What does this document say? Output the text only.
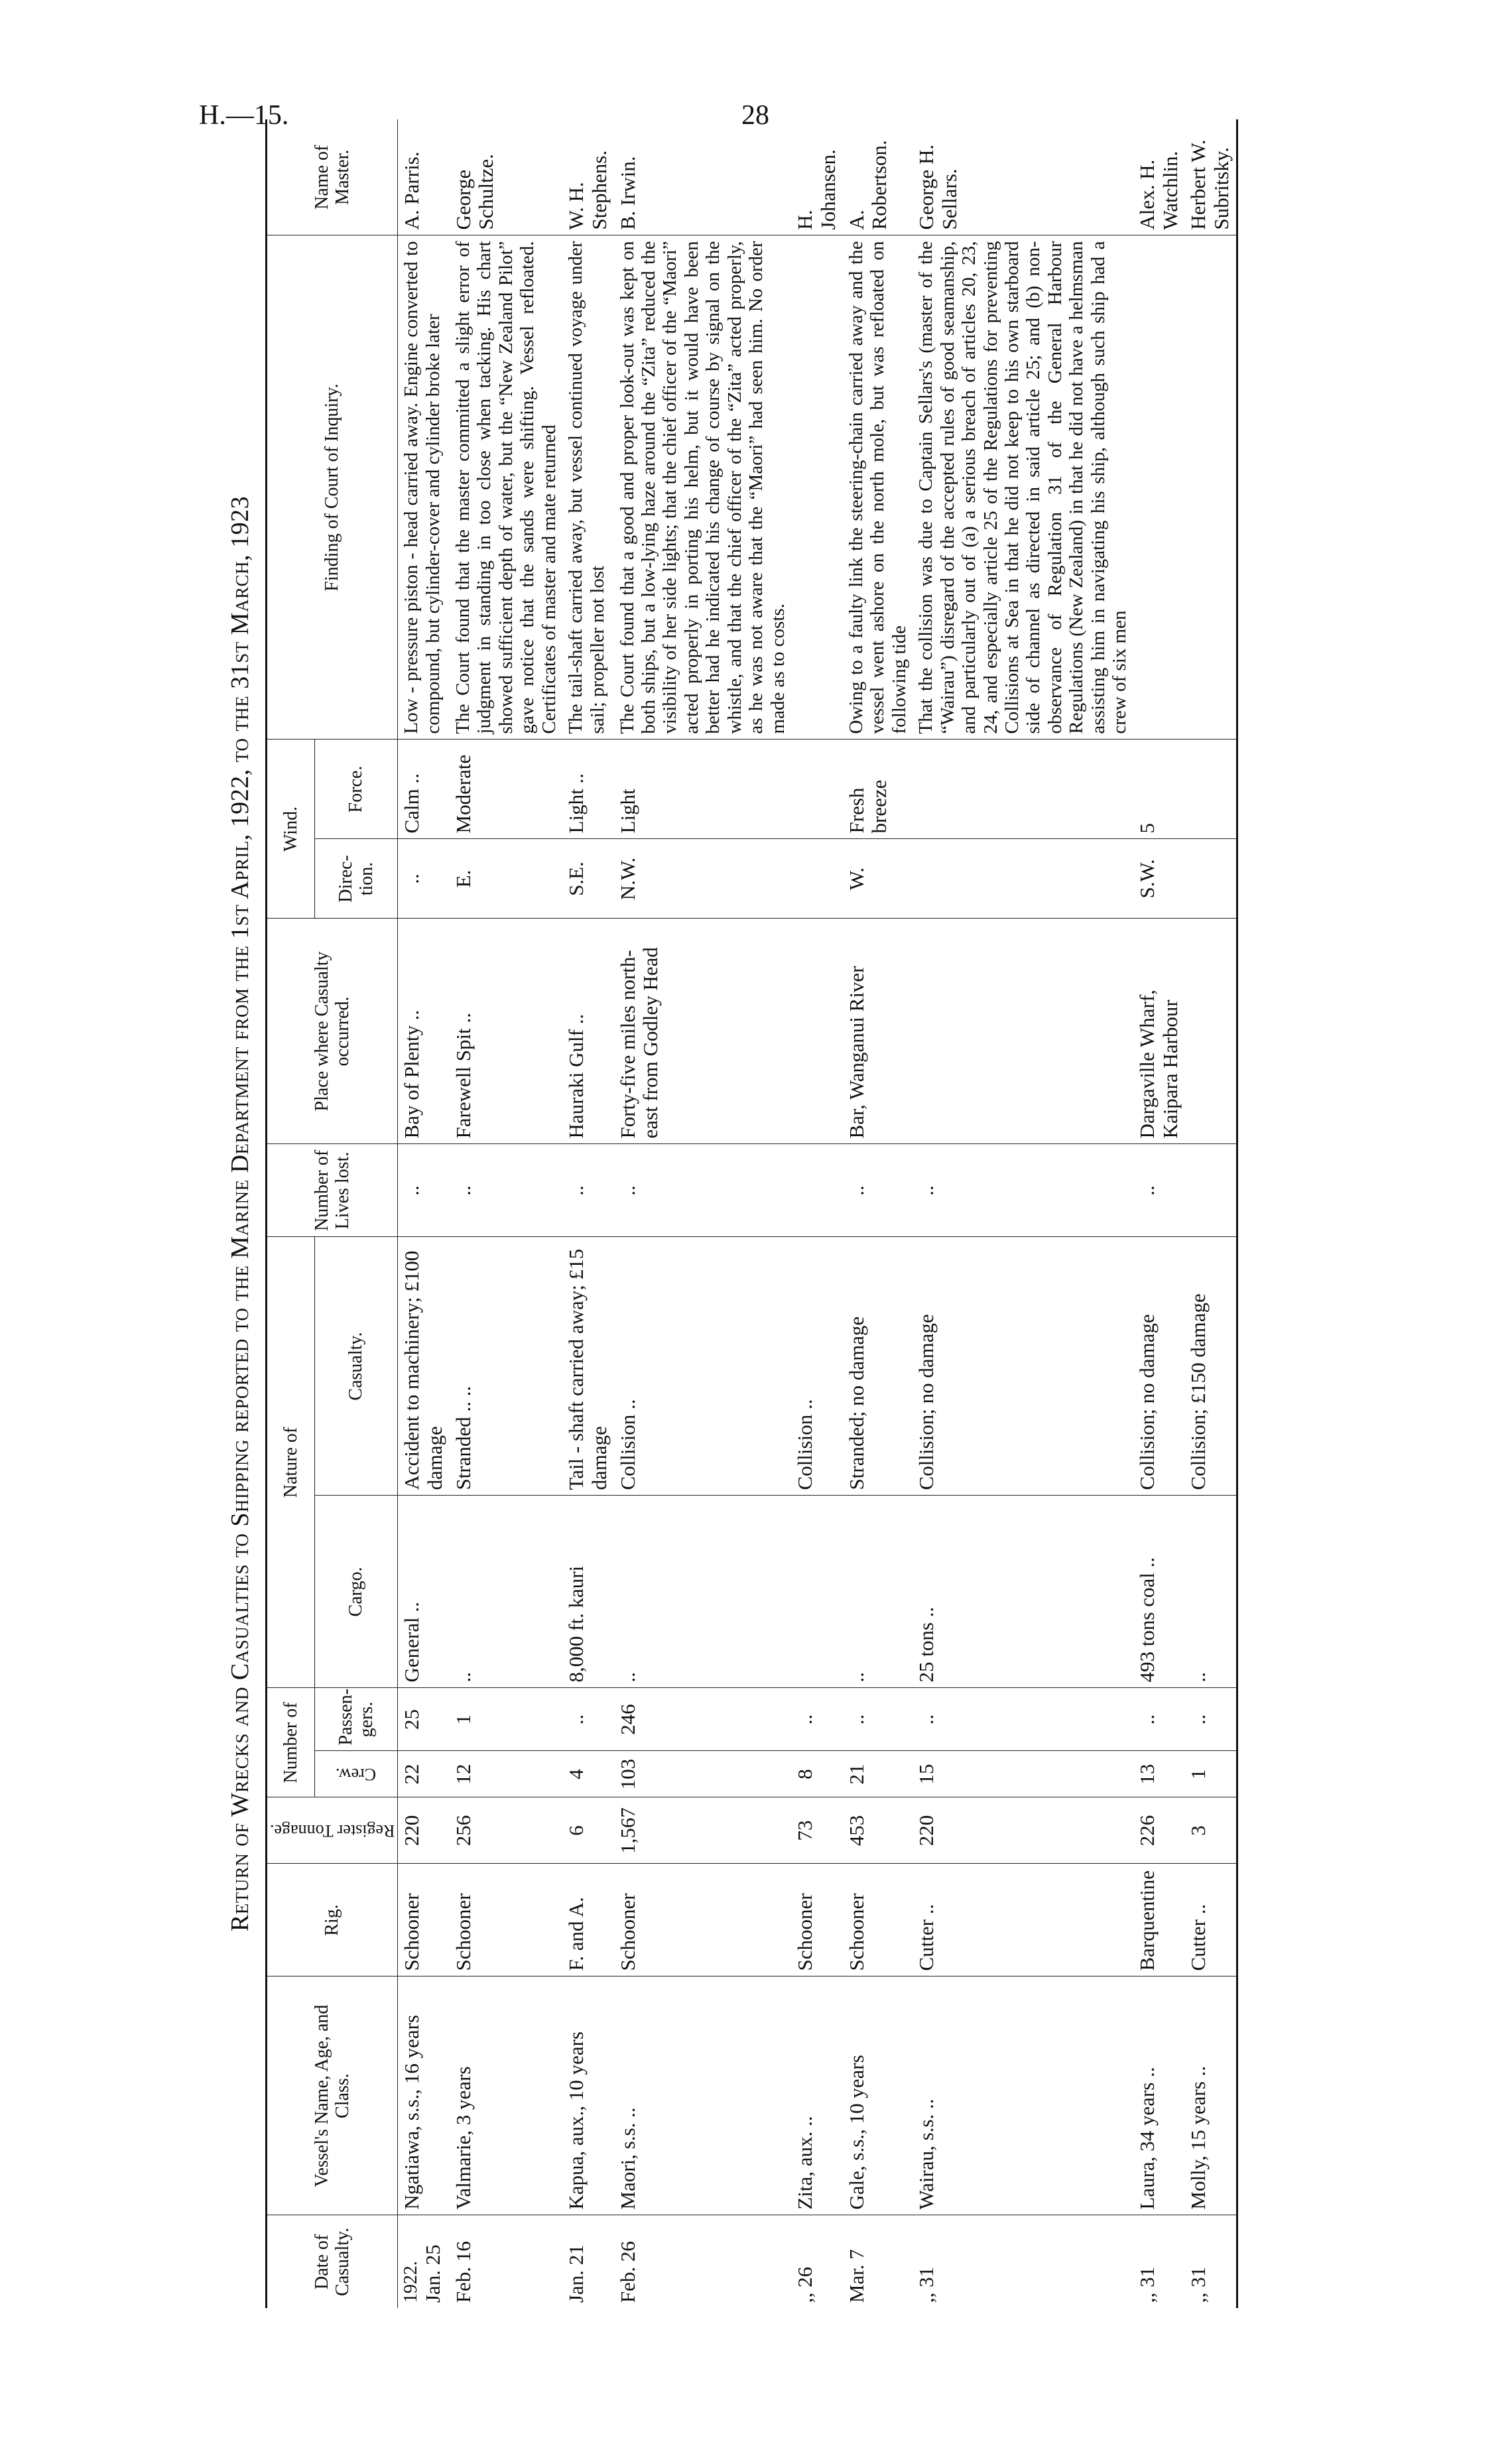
H.—15.	28
Return of Wrecks and Casualties to Shipping reported to the Marine Department from the 1st April, 1922, to the 31st March, 1923
Date of Casualty.	Vessel's Name, Age, and Class.	Rig.	Register Tonnage.	Number of		Nature of		Number of Lives lost.	Place where Casualty occurred.	Wind.		Finding of Court of Inquiry.	Name of Master.

				Crew.	Passen-gers.	Cargo.	Casualty.			Direc-tion.	Force.		

1922. Jan. 25	Ngatiawa, s.s., 16 years	Schooner	220	22	25	General ..	Accident to machinery; £100 damage	..	Bay of Plenty ..	..	Calm ..	Low - pressure piston - head carried away. Engine converted to compound, but cylinder-cover and cylinder broke later	A. Parris.

Feb. 16	Valmarie, 3 years	Schooner	256	12	1	..	Stranded .. ..	..	Farewell Spit ..	E.	Moderate	The Court found that the master committed a slight error of judgment in standing in too close when tacking. His chart showed sufficient depth of water, but the “New Zealand Pilot” gave notice that the sands were shifting. Vessel refloated. Certificates of master and mate returned	George Schultze.

Jan. 21	Kapua, aux., 10 years	F. and A.	6	4	..	8,000 ft. kauri	Tail - shaft carried away; £15 damage	..	Hauraki Gulf ..	S.E.	Light ..	The tail-shaft carried away, but vessel continued voyage under sail; propeller not lost	W. H. Stephens.

Feb. 26	Maori, s.s. ..	Schooner	1,567	103	246	..	Collision ..	..	Forty-five miles north-east from Godley Head	N.W.	Light	The Court found that a good and proper look-out was kept on both ships, but a low-lying haze around the “Zita” reduced the visibility of her side lights; that the chief officer of the “Maori” acted properly in porting his helm, but it would have been better had he indicated his change of course by signal on the whistle, and that the chief officer of the “Zita” acted properly, as he was not aware that the “Maori” had seen him. No order made as to costs.	B. Irwin.

,, 26	Zita, aux. ..	Schooner	73	8	..		Collision ..						H. Johansen.

Mar. 7	Gale, s.s., 10 years	Schooner	453	21	..	..	Stranded; no damage	..	Bar, Wanganui River	W.	Fresh breeze	Owing to a faulty link the steering-chain carried away and the vessel went ashore on the north mole, but was refloated on following tide	A. Robertson.

,, 31	Wairau, s.s. ..	Cutter ..	220	15	..	25 tons ..	Collision; no damage	..				That the collision was due to Captain Sellars's (master of the “Wairau”) disregard of the accepted rules of good seamanship, and particularly out of (a) a serious breach of articles 20, 23, 24, and especially article 25 of the Regulations for preventing Collisions at Sea in that he did not keep to his own starboard side of channel as directed in said article 25; and (b) non-observance of Regulation 31 of the General Harbour Regulations (New Zealand) in that he did not have a helmsman assisting him in navigating his ship, although such ship had a crew of six men	George H. Sellars.

,, 31	Laura, 34 years ..	Barquentine	226	13	..	493 tons coal ..	Collision; no damage	..	Dargaville Wharf, Kaipara Harbour	S.W.	5		Alex. H. Watchlin.

,, 31	Molly, 15 years ..	Cutter ..	3	1	..	..	Collision; £150 damage						Herbert W. Subritsky.
